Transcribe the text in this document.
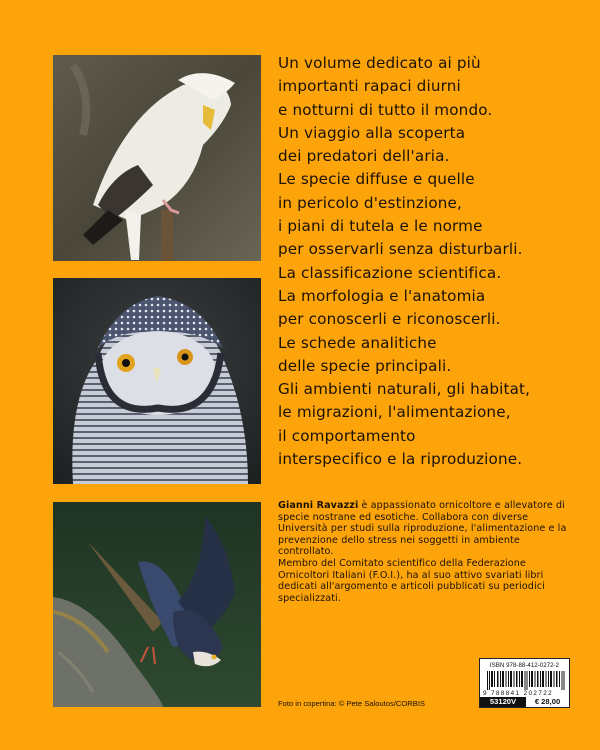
Un volume dedicato ai più
importanti rapaci diurni
e notturni di tutto il mondo.
Un viaggio alla scoperta
dei predatori dell'aria.
Le specie diffuse e quelle
in pericolo d'estinzione,
i piani di tutela e le norme
per osservarli senza disturbarli.
La classificazione scientifica.
La morfologia e l'anatomia
per conoscerli e riconoscerli.
Le schede analitiche
delle specie principali.
Gli ambienti naturali, gli habitat,
le migrazioni, l'alimentazione,
il comportamento
interspecifico e la riproduzione.

Gianni Ravazzi è appassionato ornicoltore e allevatore di specie nostrane ed esotiche. Collabora con diverse Università per studi sulla riproduzione, l'alimentazione e la prevenzione dello stress nei soggetti in ambiente controllato.

Membro del Comitato scientifico della Federazione Ornicoltori Italiani (F.O.I.), ha al suo attivo svariati libri dedicati all'argomento e articoli pubblicati su periodici specializzati.

Foto in copertina: © Pete Saloutos/CORBIS
ISBN 978-88-412-0272-2
9 788841 202722
53120V	€ 28,00
